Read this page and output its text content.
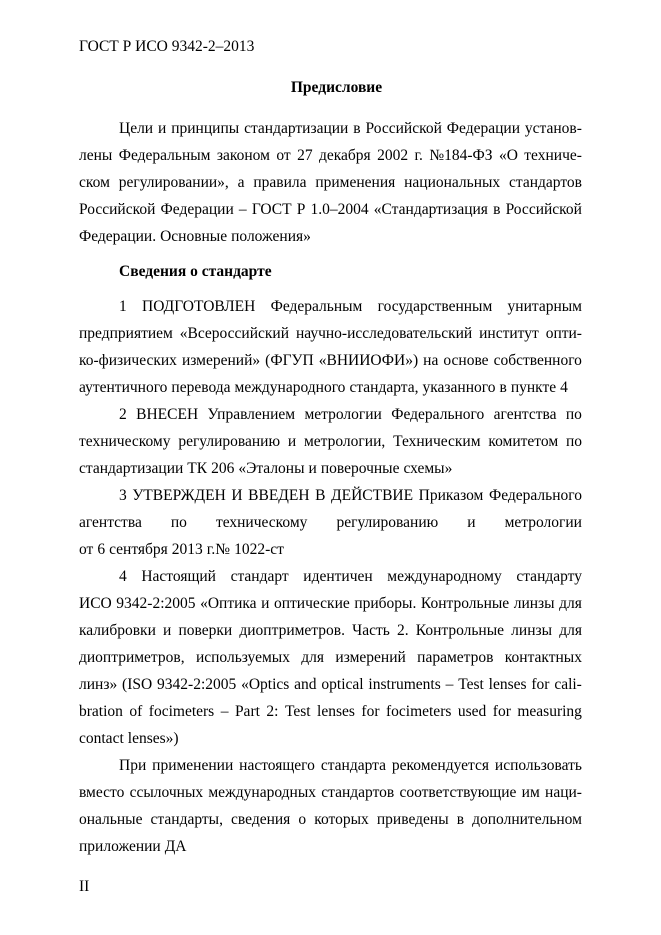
ГОСТ Р ИСО 9342-2–2013
Предисловие
Цели и принципы стандартизации в Российской Федерации установ-
лены Федеральным законом от 27 декабря 2002 г. №184-ФЗ «О техниче-
ском регулировании», а правила применения национальных стандартов
Российской Федерации – ГОСТ Р 1.0–2004 «Стандартизация в Российской
Федерации. Основные положения»
Сведения о стандарте
1 ПОДГОТОВЛЕН Федеральным государственным унитарным
предприятием «Всероссийский научно-исследовательский институт опти-
ко-физических измерений» (ФГУП «ВНИИОФИ») на основе собственного
аутентичного перевода международного стандарта, указанного в пункте 4
2 ВНЕСЕН Управлением метрологии Федерального агентства по
техническому регулированию и метрологии, Техническим комитетом по
стандартизации ТК 206 «Эталоны и поверочные схемы»
3 УТВЕРЖДЕН И ВВЕДЕН В ДЕЙСТВИЕ Приказом Федерального
агентства по техническому регулированию и метрологии
от 6 сентября 2013 г.№ 1022-ст
4 Настоящий стандарт идентичен международному стандарту
ИСО 9342-2:2005 «Оптика и оптические приборы. Контрольные линзы для
калибровки и поверки диоптриметров. Часть 2. Контрольные линзы для
диоптриметров, используемых для измерений параметров контактных
линз» (ISO 9342-2:2005 «Optics and optical instruments – Test lenses for cali-
bration of focimeters – Part 2: Test lenses for focimeters used for measuring
contact lenses»)
При применении настоящего стандарта рекомендуется использовать
вместо ссылочных международных стандартов соответствующие им наци-
ональные стандарты, сведения о которых приведены в дополнительном
приложении ДА
II
